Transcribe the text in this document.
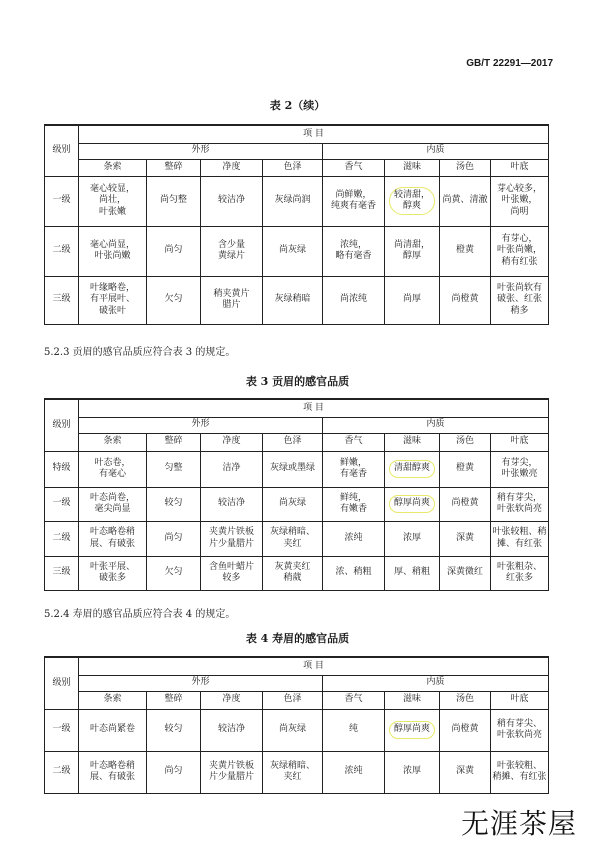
GB/T 22291—2017
表 2（续）
级别	项 目							
	外形				内质			
	条索	整碎	净度	色泽	香气	滋味	汤色	叶底
一级	毫心较显，
尚壮，
叶张嫩	尚匀整	较洁净	灰绿尚润	尚鲜嫩，
纯爽有毫香	较清甜，
醇爽	尚黄、清澈	芽心较多，
叶张嫩，
尚明
二级	毫心尚显，
叶张尚嫩	尚匀	含少量
黄绿片	尚灰绿	浓纯，
略有毫香	尚清甜，
醇厚	橙黄	有芽心，
叶张尚嫩，
稍有红张
三级	叶缘略卷，
有平展叶、
破张叶	欠匀	稍夹黄片
腊片	灰绿稍暗	尚浓纯	尚厚	尚橙黄	叶张尚软有
破张、红张
稍多
5.2.3 贡眉的感官品质应符合表 3 的规定。
表 3 贡眉的感官品质
级别	项 目							
	外形				内质			
	条索	整碎	净度	色泽	香气	滋味	汤色	叶底
特级	叶态卷，
有毫心	匀整	洁净	灰绿或墨绿	鲜嫩，
有毫香	清甜醇爽	橙黄	有芽尖，
叶张嫩亮
一级	叶态尚卷，
毫尖尚显	较匀	较洁净	尚灰绿	鲜纯，
有嫩香	醇厚尚爽	尚橙黄	稍有芽尖，
叶张软尚亮
二级	叶态略卷稍
展、有破张	尚匀	夹黄片铁板
片少量腊片	灰绿稍暗、
夹红	浓纯	浓厚	深黄	叶张较粗、稍
摊、有红张
三级	叶张平展、
破张多	欠匀	含鱼叶蜡片
较多	灰黄夹红
稍葳	浓、稍粗	厚、稍粗	深黄微红	叶张粗杂、
红张多
5.2.4 寿眉的感官品质应符合表 4 的规定。
表 4 寿眉的感官品质
级别	项 目							
	外形				内质			
	条索	整碎	净度	色泽	香气	滋味	汤色	叶底
一级	叶态尚紧卷	较匀	较洁净	尚灰绿	纯	醇厚尚爽	尚橙黄	稍有芽尖、
叶张软尚亮
二级	叶态略卷稍
展、有破张	尚匀	夹黄片铁板
片少量腊片	灰绿稍暗、
夹红	浓纯	浓厚	深黄	叶张较粗、
稍摊、有红张
无涯茶屋
